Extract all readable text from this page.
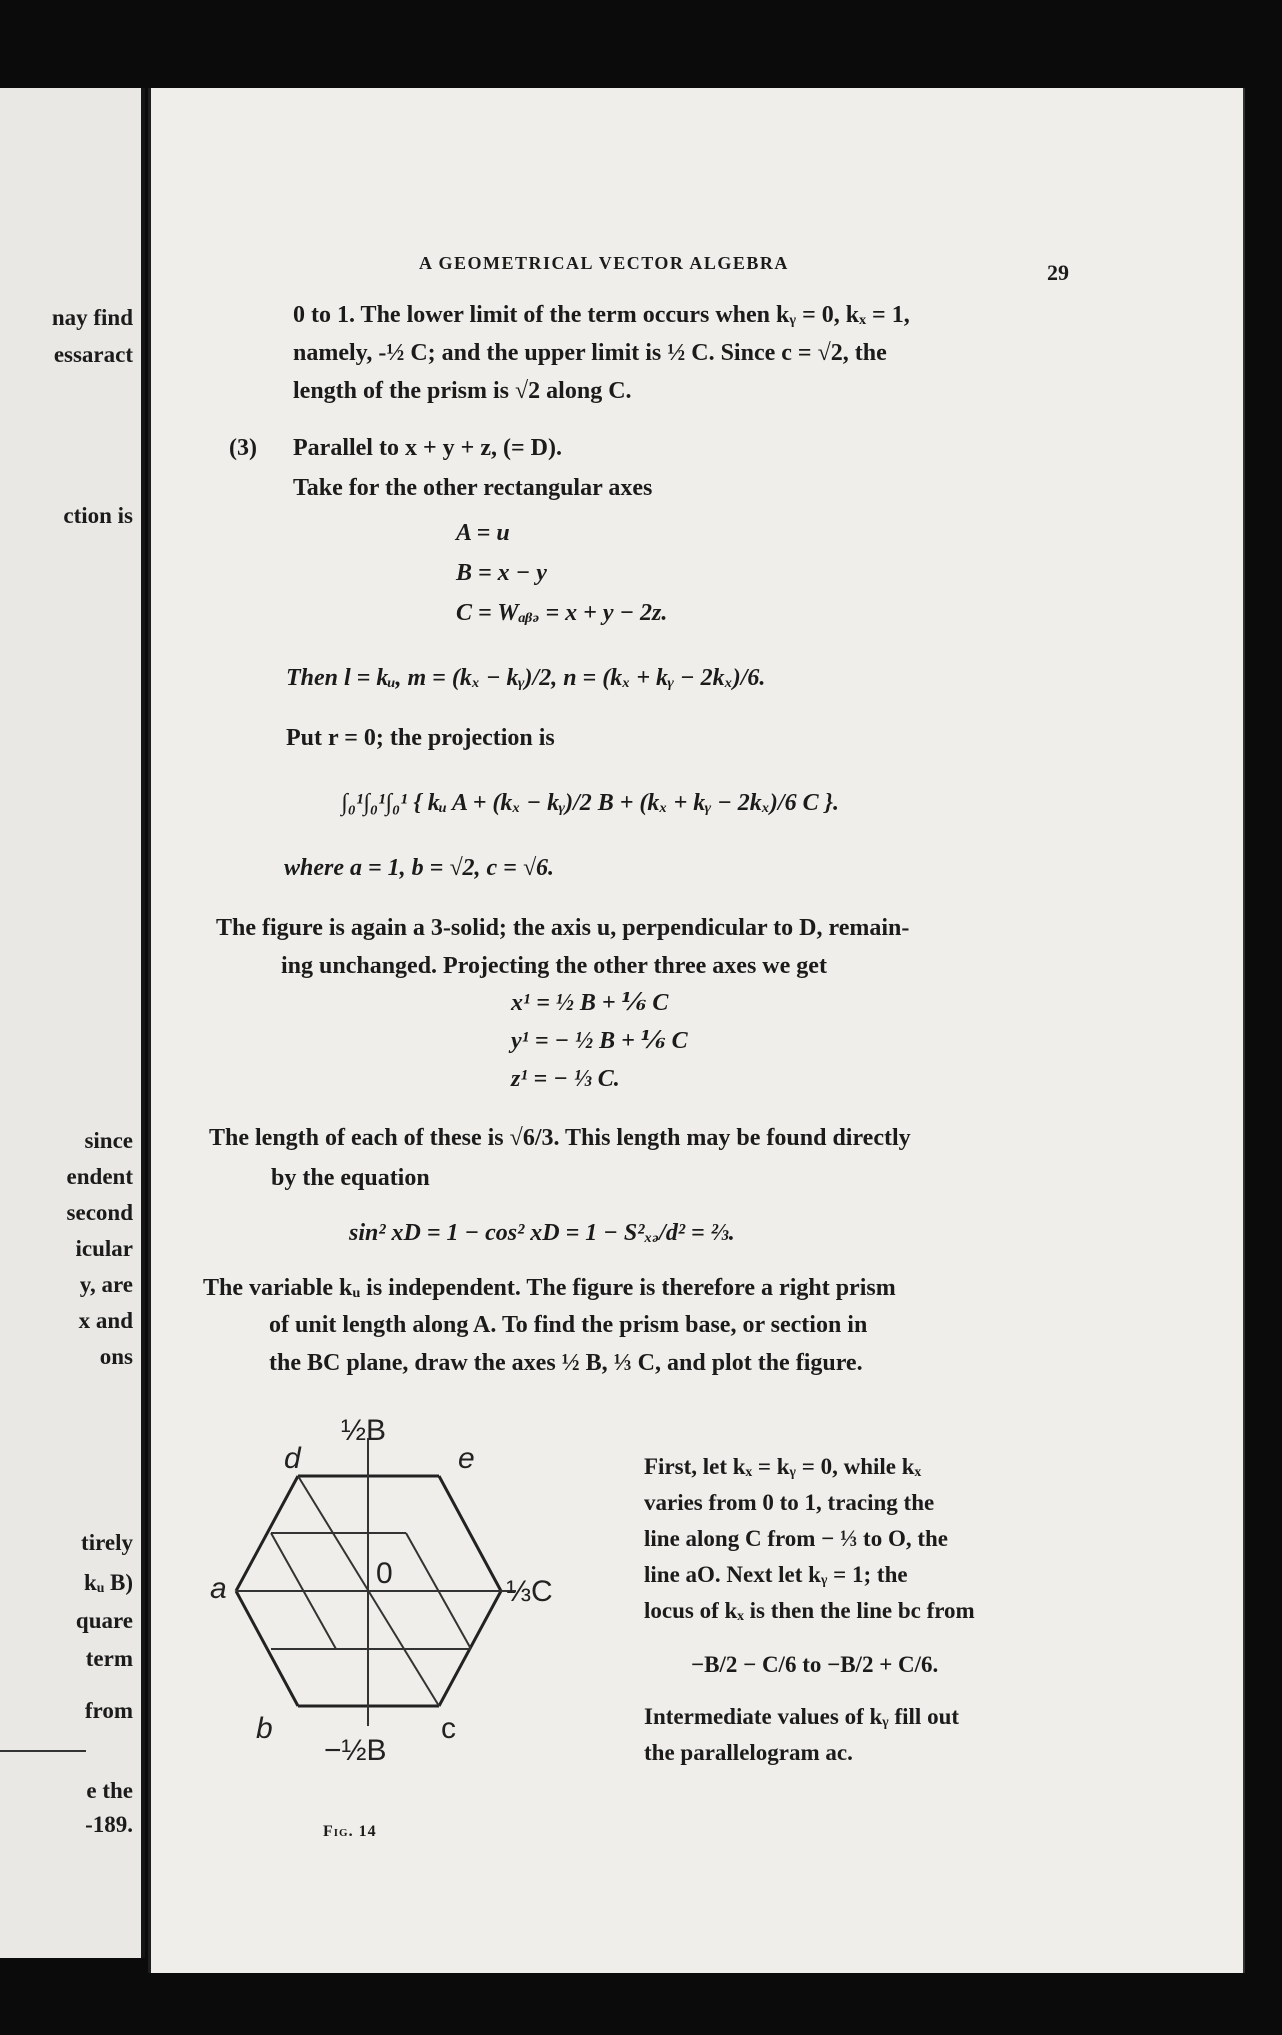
nay find
essaract
ction is
since
endent
second
icular
y, are
x and
ons
tirely
kᵤ B)
quare
term
from
e the
-189.
A GEOMETRICAL VECTOR ALGEBRA	29
0 to 1. The lower limit of the term occurs when kᵧ = 0, kₓ = 1,
namely, -½ C; and the upper limit is ½ C. Since c = √2, the
length of the prism is √2 along C.
(3) Parallel to x + y + z, (= D).
Take for the other rectangular axes
A = u
B = x − y
C = Wₐᵦₔ = x + y − 2z.
Then l = kᵤ, m = (kₓ − kᵧ)/2, n = (kₓ + kᵧ − 2kₓ)/6.
Put r = 0; the projection is
∫₀¹∫₀¹∫₀¹ { kᵤ A + (kₓ − kᵧ)/2 B + (kₓ + kᵧ − 2kₓ)/6 C }.
where a = 1, b = √2, c = √6.
The figure is again a 3-solid; the axis u, perpendicular to D, remain-
ing unchanged. Projecting the other three axes we get
x¹ = ½ B + ⅙ C
y¹ = − ½ B + ⅙ C
z¹ = − ⅓ C.
The length of each of these is √6/3. This length may be found directly
by the equation
sin² xD = 1 − cos² xD = 1 − S²ₓₔ/d² = ⅔.
The variable kᵤ is independent. The figure is therefore a right prism
of unit length along A. To find the prism base, or section in
the BC plane, draw the axes ½ B, ⅓ C, and plot the figure.
d	e
½B
a	0
⅓C
b	c
−½B
Fig. 14
First, let kₓ = kᵧ = 0, while kₓ
varies from 0 to 1, tracing the
line along C from − ⅓ to O, the
line aO. Next let kᵧ = 1; the
locus of kₓ is then the line bc from
−B/2 − C/6 to −B/2 + C/6.
Intermediate values of kᵧ fill out
the parallelogram ac.
